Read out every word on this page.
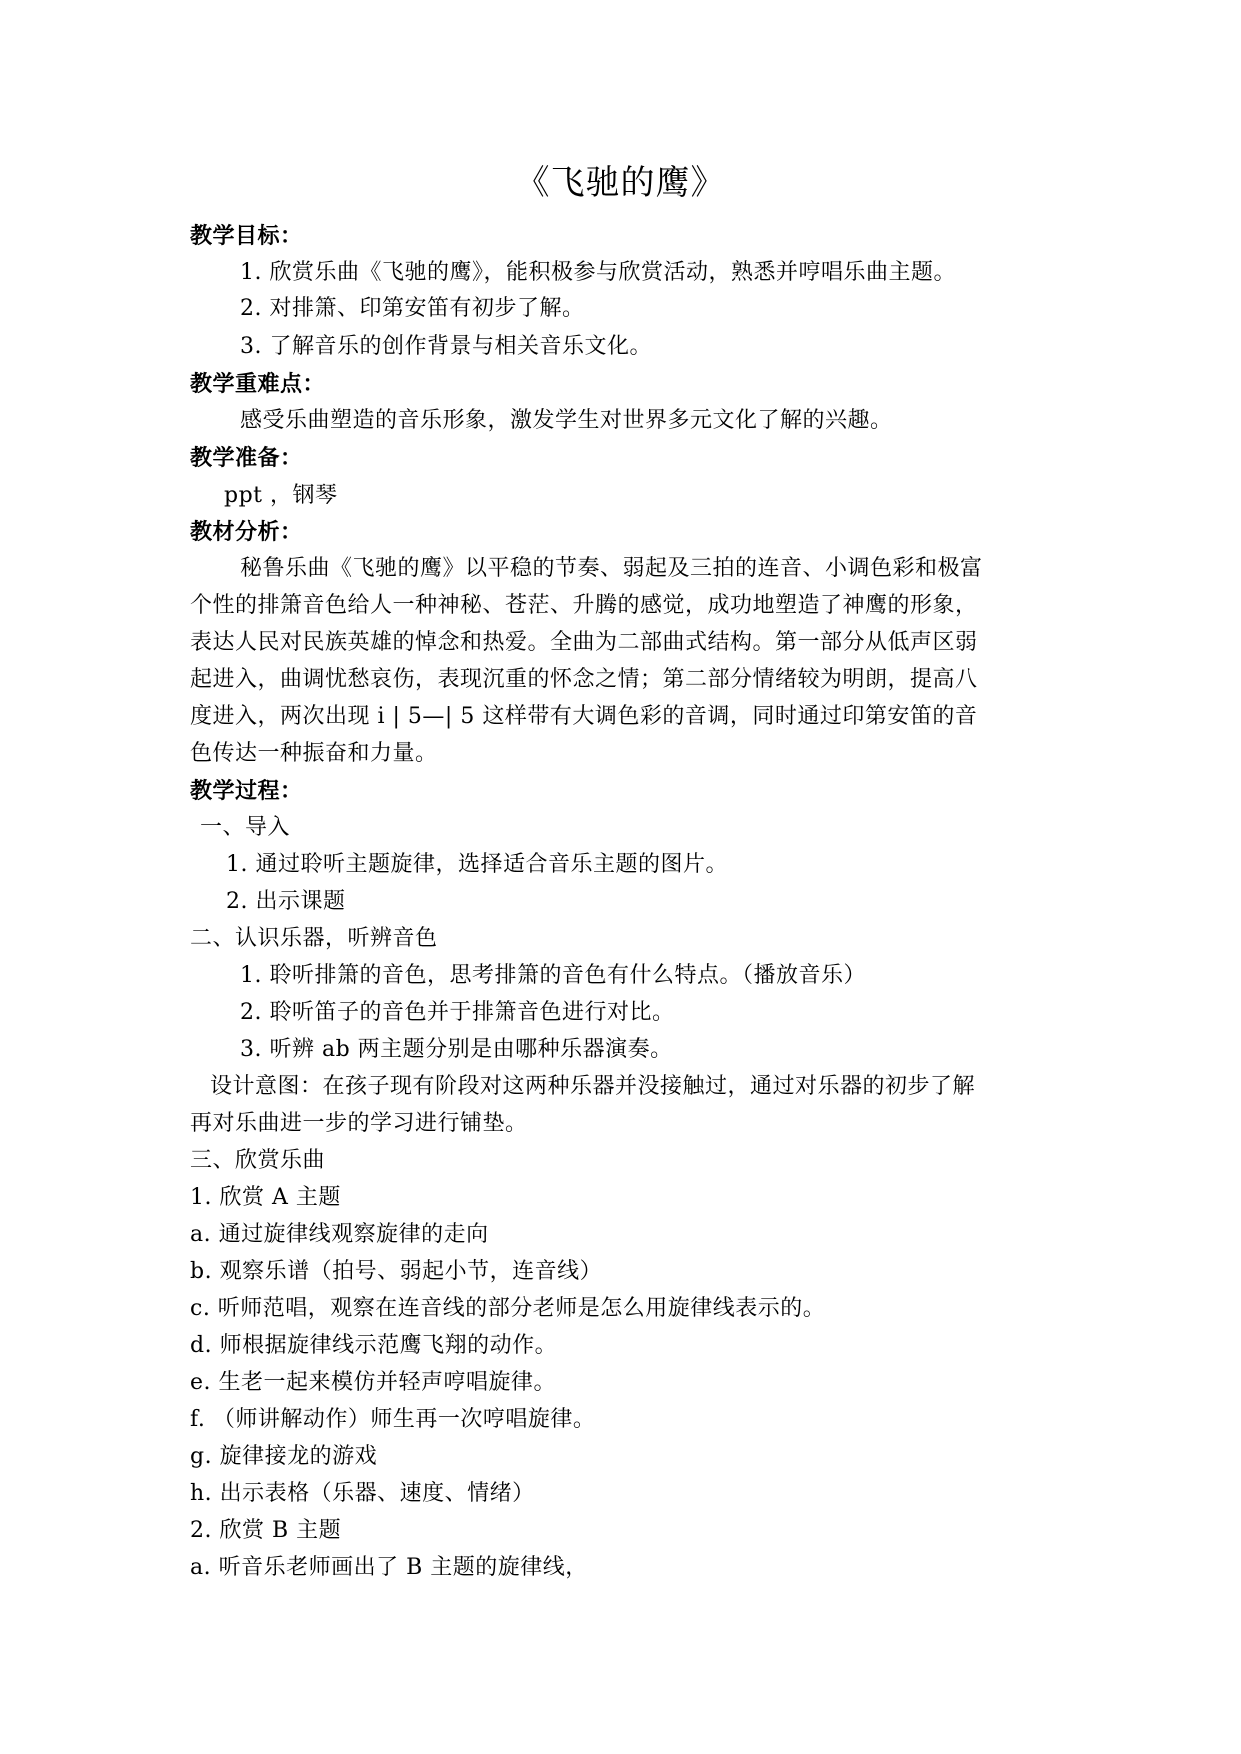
《飞驰的鹰》
教学目标：
1. 欣赏乐曲《飞驰的鹰》，能积极参与欣赏活动，熟悉并哼唱乐曲主题。
2. 对排箫、印第安笛有初步了解。
3. 了解音乐的创作背景与相关音乐文化。
教学重难点：
感受乐曲塑造的音乐形象，激发学生对世界多元文化了解的兴趣。
教学准备：
ppt ，钢琴
教材分析：
秘鲁乐曲《飞驰的鹰》以平稳的节奏、弱起及三拍的连音、小调色彩和极富
个性的排箫音色给人一种神秘、苍茫、升腾的感觉，成功地塑造了神鹰的形象，
表达人民对民族英雄的悼念和热爱。全曲为二部曲式结构。第一部分从低声区弱
起进入，曲调忧愁哀伤，表现沉重的怀念之情；第二部分情绪较为明朗，提高八
度进入，两次出现 i | 5—| 5 这样带有大调色彩的音调，同时通过印第安笛的音
色传达一种振奋和力量。
教学过程：
一、导入
1. 通过聆听主题旋律，选择适合音乐主题的图片。
2. 出示课题
二、认识乐器，听辨音色
1. 聆听排箫的音色，思考排箫的音色有什么特点。（播放音乐）
2. 聆听笛子的音色并于排箫音色进行对比。
3. 听辨 ab 两主题分别是由哪种乐器演奏。
设计意图：在孩子现有阶段对这两种乐器并没接触过，通过对乐器的初步了解
再对乐曲进一步的学习进行铺垫。
三、欣赏乐曲
1. 欣赏 A 主题
a. 通过旋律线观察旋律的走向
b. 观察乐谱（拍号、弱起小节，连音线）
c. 听师范唱，观察在连音线的部分老师是怎么用旋律线表示的。
d. 师根据旋律线示范鹰飞翔的动作。
e. 生老一起来模仿并轻声哼唱旋律。
f. （师讲解动作）师生再一次哼唱旋律。
g. 旋律接龙的游戏
h. 出示表格（乐器、速度、情绪）
2. 欣赏 B 主题
a. 听音乐老师画出了 B 主题的旋律线，
